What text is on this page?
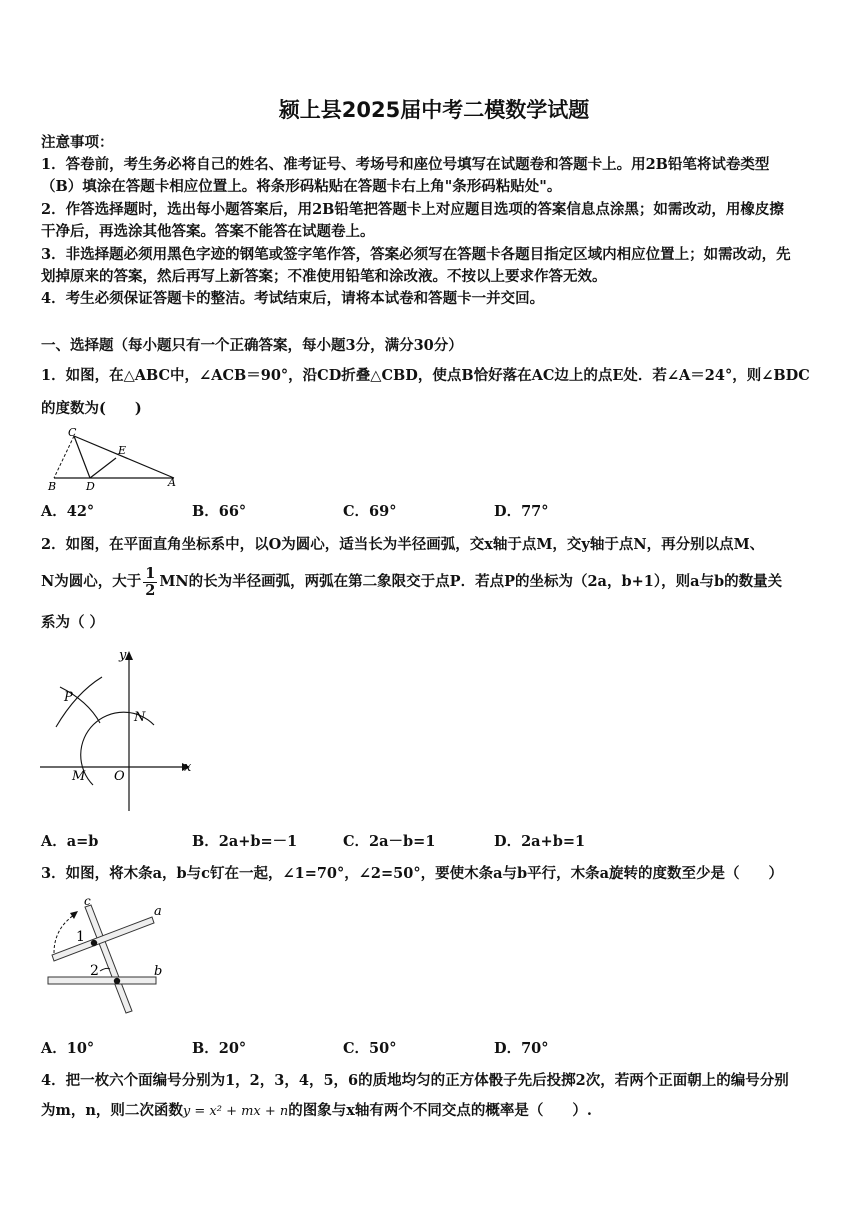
颍上县2025届中考二模数学试题
注意事项：
1．答卷前，考生务必将自己的姓名、准考证号、考场号和座位号填写在试题卷和答题卡上。用2B铅笔将试卷类型
（B）填涂在答题卡相应位置上。将条形码粘贴在答题卡右上角"条形码粘贴处"。
2．作答选择题时，选出每小题答案后，用2B铅笔把答题卡上对应题目选项的答案信息点涂黑；如需改动，用橡皮擦
干净后，再选涂其他答案。答案不能答在试题卷上。
3．非选择题必须用黑色字迹的钢笔或签字笔作答，答案必须写在答题卡各题目指定区域内相应位置上；如需改动，先
划掉原来的答案，然后再写上新答案；不准使用铅笔和涂改液。不按以上要求作答无效。
4．考生必须保证答题卡的整洁。考试结束后，请将本试卷和答题卡一并交回。
一、选择题（每小题只有一个正确答案，每小题3分，满分30分）
1．如图，在△ABC中，∠ACB＝90°，沿CD折叠△CBD，使点B恰好落在AC边上的点E处．若∠A＝24°，则∠BDC
的度数为(　　)
C
E
B	D	A
A．42°	B．66°	C．69°	D．77°
2．如图，在平面直角坐标系中，以O为圆心，适当长为半径画弧，交x轴于点M，交y轴于点N，再分别以点M、
N为圆心，大于 $\frac{1}{2}$ MN的长为半径画弧，两弧在第二象限交于点P．若点P的坐标为（2a，b+1），则a与b的数量关
系为（ ）
y
x
P
N
M O
A．a=b	B．2a+b=－1	C．2a－b=1	D．2a+b=1
3．如图，将木条a，b与c钉在一起，∠1=70°，∠2=50°，要使木条a与b平行，木条a旋转的度数至少是（　　）
c
a
b
1
2
A．10°	B．20°	C．50°	D．70°
4．把一枚六个面编号分别为1，2，3，4，5，6的质地均匀的正方体骰子先后投掷2次，若两个正面朝上的编号分别
为m，n，则二次函数y = x² + mx + n的图象与x轴有两个不同交点的概率是（　　）.
